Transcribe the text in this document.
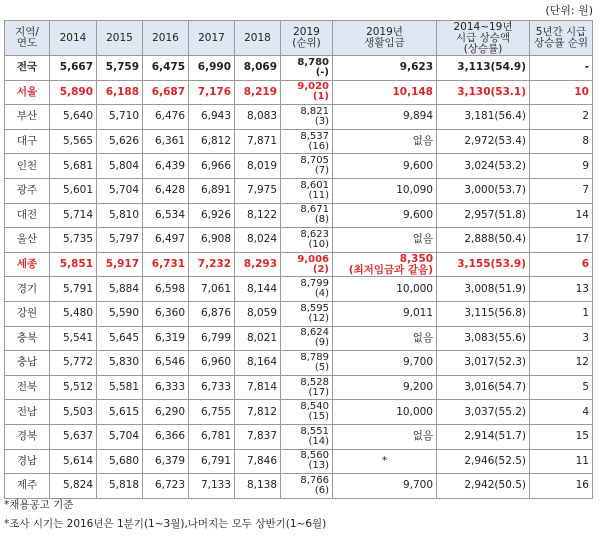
(단위: 원)
지역/
연도	2014	2015	2016	2017	2018	2019
(순위)	2019년
생활임금	2014~19년
시급 상승액
(상승률)	5년간 시급
상승률 순위
전국	5,667	5,759	6,475	6,990	8,069	8,780
(-)	9,623	3,113(54.9)	-
서울	5,890	6,188	6,687	7,176	8,219	9,020
(1)	10,148	3,130(53.1)	10
부산	5,640	5,710	6,476	6,943	8,083	8,821
(3)	9,894	3,181(56.4)	2
대구	5,565	5,626	6,361	6,812	7,871	8,537
(16)	없음	2,972(53.4)	8
인천	5,681	5,804	6,439	6,966	8,019	8,705
(7)	9,600	3,024(53.2)	9
광주	5,601	5,704	6,428	6,891	7,975	8,601
(11)	10,090	3,000(53.7)	7
대전	5,714	5,810	6,534	6,926	8,122	8,671
(8)	9,600	2,957(51.8)	14
울산	5,735	5,797	6,497	6,908	8,024	8,623
(10)	없음	2,888(50.4)	17
세종	5,851	5,917	6,731	7,232	8,293	9,006
(2)	8,350
(최저임금과 같음)	3,155(53.9)	6
경기	5,791	5,884	6,598	7,061	8,144	8,799
(4)	10,000	3,008(51.9)	13
강원	5,480	5,590	6,360	6,876	8,059	8,595
(12)	9,011	3,115(56.8)	1
충북	5,541	5,645	6,319	6,799	8,021	8,624
(9)	없음	3,083(55.6)	3
충남	5,772	5,830	6,546	6,960	8,164	8,789
(5)	9,700	3,017(52.3)	12
전북	5,512	5,581	6,333	6,733	7,814	8,528
(17)	9,200	3,016(54.7)	5
전남	5,503	5,615	6,290	6,755	7,812	8,540
(15)	10,000	3,037(55.2)	4
경북	5,637	5,704	6,366	6,781	7,837	8,551
(14)	없음	2,914(51.7)	15
경남	5,614	5,680	6,379	6,791	7,846	8,560
(13)	*	2,946(52.5)	11
제주	5,824	5,818	6,723	7,133	8,138	8,766
(6)	9,700	2,942(50.5)	16
*채용공고 기준
*조사 시기는 2016년은 1분기(1~3월),나머지는 모두 상반기(1~6월)
